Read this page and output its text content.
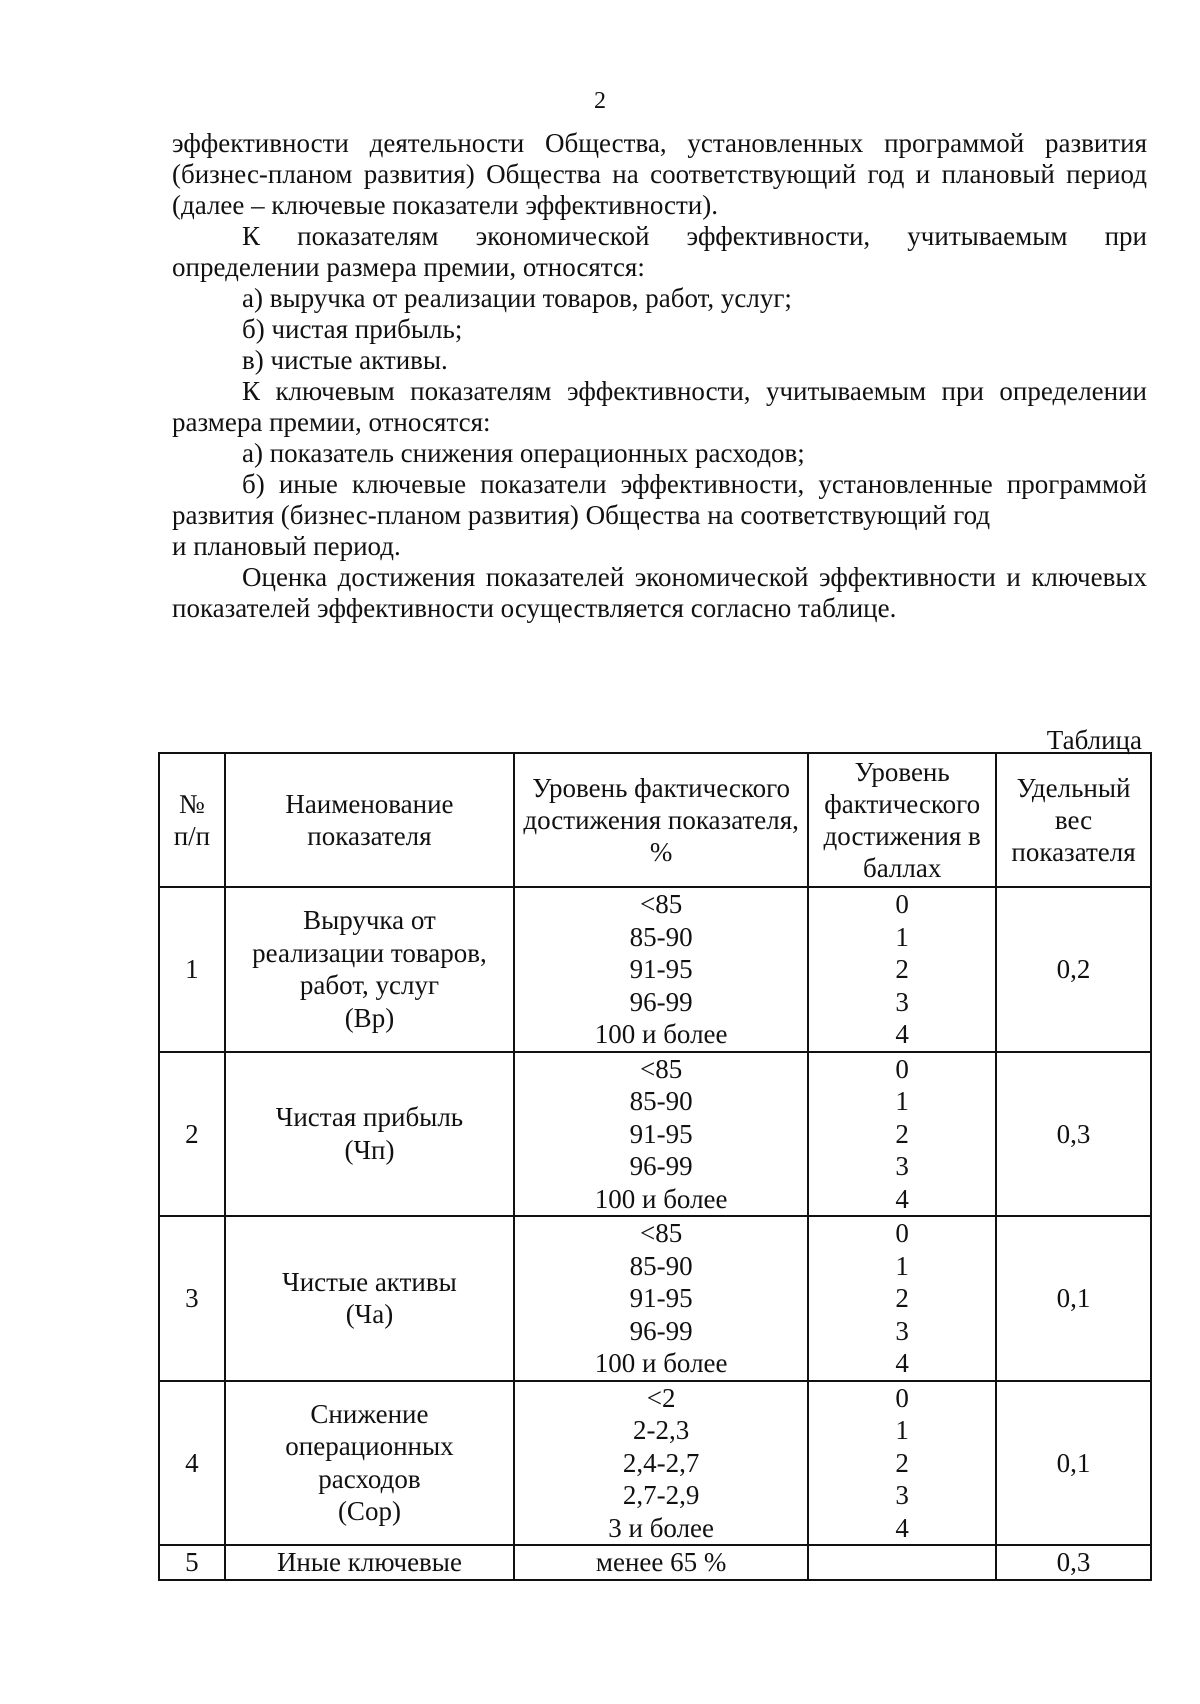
2

эффективности деятельности Общества, установленных программой развития (бизнес-планом развития) Общества на соответствующий год и плановый период (далее – ключевые показатели эффективности).

К показателям экономической эффективности, учитываемым при определении размера премии, относятся:

а) выручка от реализации товаров, работ, услуг;

б) чистая прибыль;

в) чистые активы.

К ключевым показателям эффективности, учитываемым при определении размера премии, относятся:

а) показатель снижения операционных расходов;

б) иные ключевые показатели эффективности, установленные программой развития (бизнес-планом развития) Общества на соответствующий год

и плановый период.

Оценка достижения показателей экономической эффективности и ключевых показателей эффективности осуществляется согласно таблице.

Таблица
№ п/п	Наименование показателя	Уровень фактического достижения показателя, %	Уровень фактического достижения в баллах	Удельный вес показателя
1	Выручка от
реализации товаров,
работ, услуг
(Вр)	<85
85-90
91-95
96-99
100 и более	0
1
2
3
4	0,2
2	Чистая прибыль
(Чп)	<85
85-90
91-95
96-99
100 и более	0
1
2
3
4	0,3
3	Чистые активы
(Ча)	<85
85-90
91-95
96-99
100 и более	0
1
2
3
4	0,1
4	Снижение
операционных
расходов
(Сор)	<2
2-2,3
2,4-2,7
2,7-2,9
3 и более	0
1
2
3
4	0,1
5	Иные ключевые	менее 65 %		0,3
